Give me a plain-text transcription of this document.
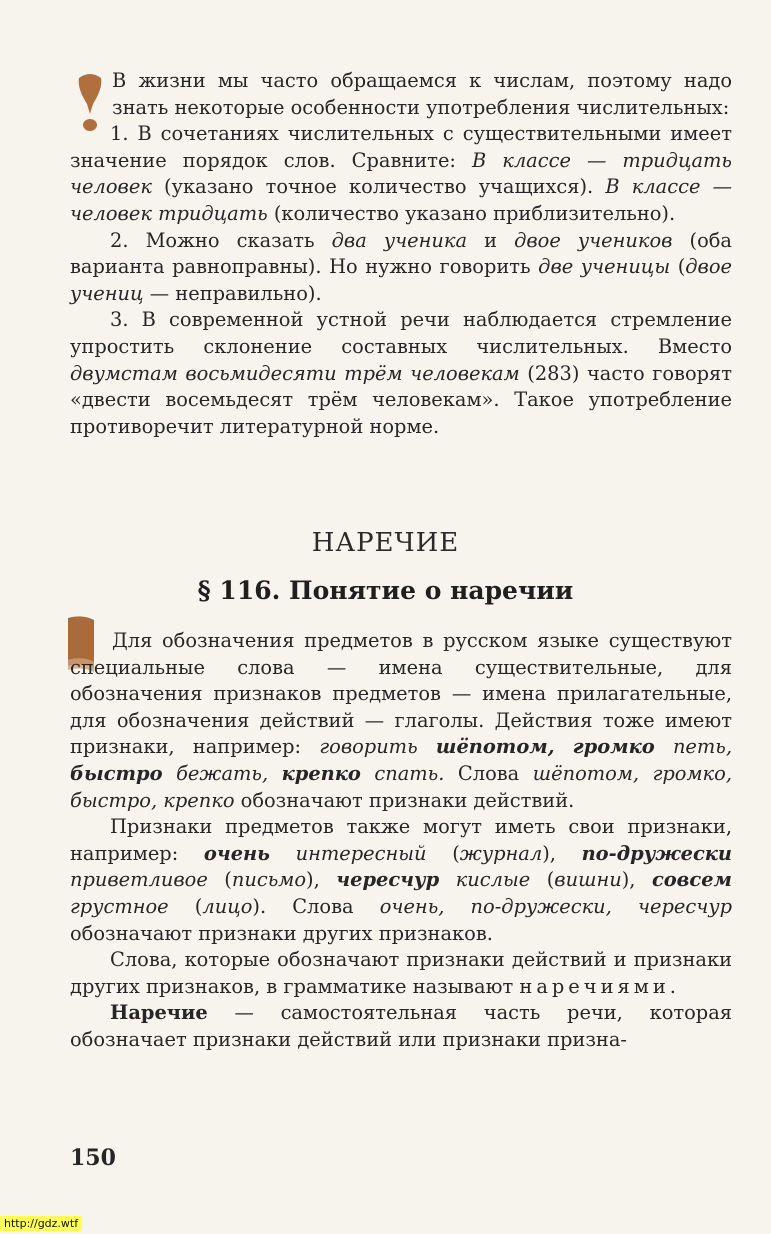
В жизни мы часто обращаемся к числам, поэтому надо знать некоторые особенности употребления числительных:

1. В сочетаниях числительных с существительными имеет значение порядок слов. Сравните: В классе — тридцать человек (указано точное количество учащихся). В классе — человек тридцать (количество указано приблизительно).

2. Можно сказать два ученика и двое учеников (оба варианта равноправны). Но нужно говорить две ученицы (двое учениц — неправильно).

3. В современной устной речи наблюдается стремление упростить склонение составных числительных. Вместо двумстам восьмидесяти трём человекам (283) часто говорят «двести восемьдесят трём человекам». Такое употребление противоречит литературной норме.

НАРЕЧИЕ
§ 116. Понятие о наречии

Для обозначения предметов в русском языке существуют специальные слова — имена существительные, для обозначения признаков предметов — имена прилагательные, для обозначения действий — глаголы. Действия тоже имеют признаки, например: говорить шёпотом, громко петь, быстро бежать, крепко спать. Слова шёпотом, громко, быстро, крепко обозначают признаки действий.

Признаки предметов также могут иметь свои признаки, например: очень интересный (журнал), по-дружески приветливое (письмо), чересчур кислые (вишни), совсем грустное (лицо). Слова очень, по-дружески, чересчур обозначают признаки других признаков.

Слова, которые обозначают признаки действий и признаки других признаков, в грамматике называют наречиями.

Наречие — самостоятельная часть речи, которая обозначает признаки действий или признаки призна-

150
http://gdz.wtf
